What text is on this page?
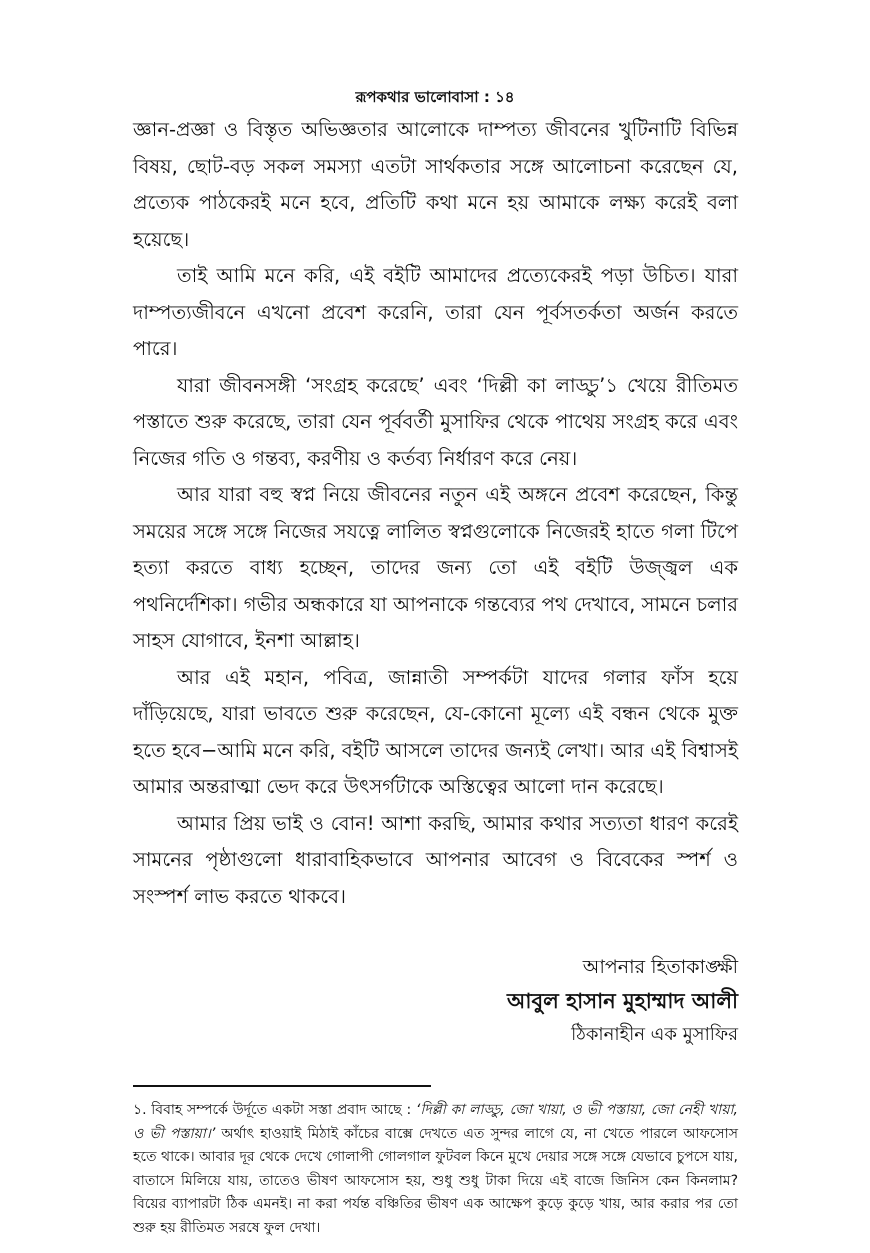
রূপকথার ভালোবাসা : ১৪

জ্ঞান-প্রজ্ঞা ও বিস্তৃত অভিজ্ঞতার আলোকে দাম্পত্য জীবনের খুটিনাটি বিভিন্ন বিষয়, ছোট-বড় সকল সমস্যা এতটা সার্থকতার সঙ্গে আলোচনা করেছেন যে, প্রত্যেক পাঠকেরই মনে হবে, প্রতিটি কথা মনে হয় আমাকে লক্ষ্য করেই বলা হয়েছে।

তাই আমি মনে করি, এই বইটি আমাদের প্রত্যেকেরই পড়া উচিত। যারা দাম্পত্যজীবনে এখনো প্রবেশ করেনি, তারা যেন পূর্বসতর্কতা অর্জন করতে পারে।

যারা জীবনসঙ্গী ‘সংগ্রহ করেছে’ এবং ‘দিল্লী কা লাড্ডু’১ খেয়ে রীতিমত পস্তাতে শুরু করেছে, তারা যেন পূর্ববর্তী মুসাফির থেকে পাথেয় সংগ্রহ করে এবং নিজের গতি ও গন্তব্য, করণীয় ও কর্তব্য নির্ধারণ করে নেয়।

আর যারা বহু স্বপ্ন নিয়ে জীবনের নতুন এই অঙ্গনে প্রবেশ করেছেন, কিন্তু সময়ের সঙ্গে সঙ্গে নিজের সযত্নে লালিত স্বপ্নগুলোকে নিজেরই হাতে গলা টিপে হত্যা করতে বাধ্য হচ্ছেন, তাদের জন্য তো এই বইটি উজ্জ্বল এক পথনির্দেশিকা। গভীর অন্ধকারে যা আপনাকে গন্তব্যের পথ দেখাবে, সামনে চলার সাহস যোগাবে, ইনশা আল্লাহ।

আর এই মহান, পবিত্র, জান্নাতী সম্পর্কটা যাদের গলার ফাঁস হয়ে দাঁড়িয়েছে, যারা ভাবতে শুরু করেছেন, যে-কোনো মূল্যে এই বন্ধন থেকে মুক্ত হতে হবে−আমি মনে করি, বইটি আসলে তাদের জন্যই লেখা। আর এই বিশ্বাসই আমার অন্তরাত্মা ভেদ করে উৎসর্গটাকে অস্তিত্বের আলো দান করেছে।

আমার প্রিয় ভাই ও বোন! আশা করছি, আমার কথার সত্যতা ধারণ করেই সামনের পৃষ্ঠাগুলো ধারাবাহিকভাবে আপনার আবেগ ও বিবেকের স্পর্শ ও সংস্পর্শ লাভ করতে থাকবে।

আপনার হিতাকাঙ্ক্ষী
আবুল হাসান মুহাম্মাদ আলী
ঠিকানাহীন এক মুসাফির

১. বিবাহ সম্পর্কে উর্দূতে একটা সস্তা প্রবাদ আছে : ‘দিল্লী কা লাড্ডু, জো খায়া, ও ভী পস্তায়া, জো নেহী খায়া, ও ভী পস্তায়া।’ অর্থাৎ হাওয়াই মিঠাই কাঁচের বাক্সে দেখতে এত সুন্দর লাগে যে, না খেতে পারলে আফসোস হতে থাকে। আবার দূর থেকে দেখে গোলাপী গোলগাল ফুটবল কিনে মুখে দেয়ার সঙ্গে সঙ্গে যেভাবে চুপসে যায়, বাতাসে মিলিয়ে যায়, তাতেও ভীষণ আফসোস হয়, শুধু শুধু টাকা দিয়ে এই বাজে জিনিস কেন কিনলাম? বিয়ের ব্যাপারটা ঠিক এমনই। না করা পর্যন্ত বঞ্চিতির ভীষণ এক আক্ষেপ কুড়ে কুড়ে খায়, আর করার পর তো শুরু হয় রীতিমত সরষে ফুল দেখা।
